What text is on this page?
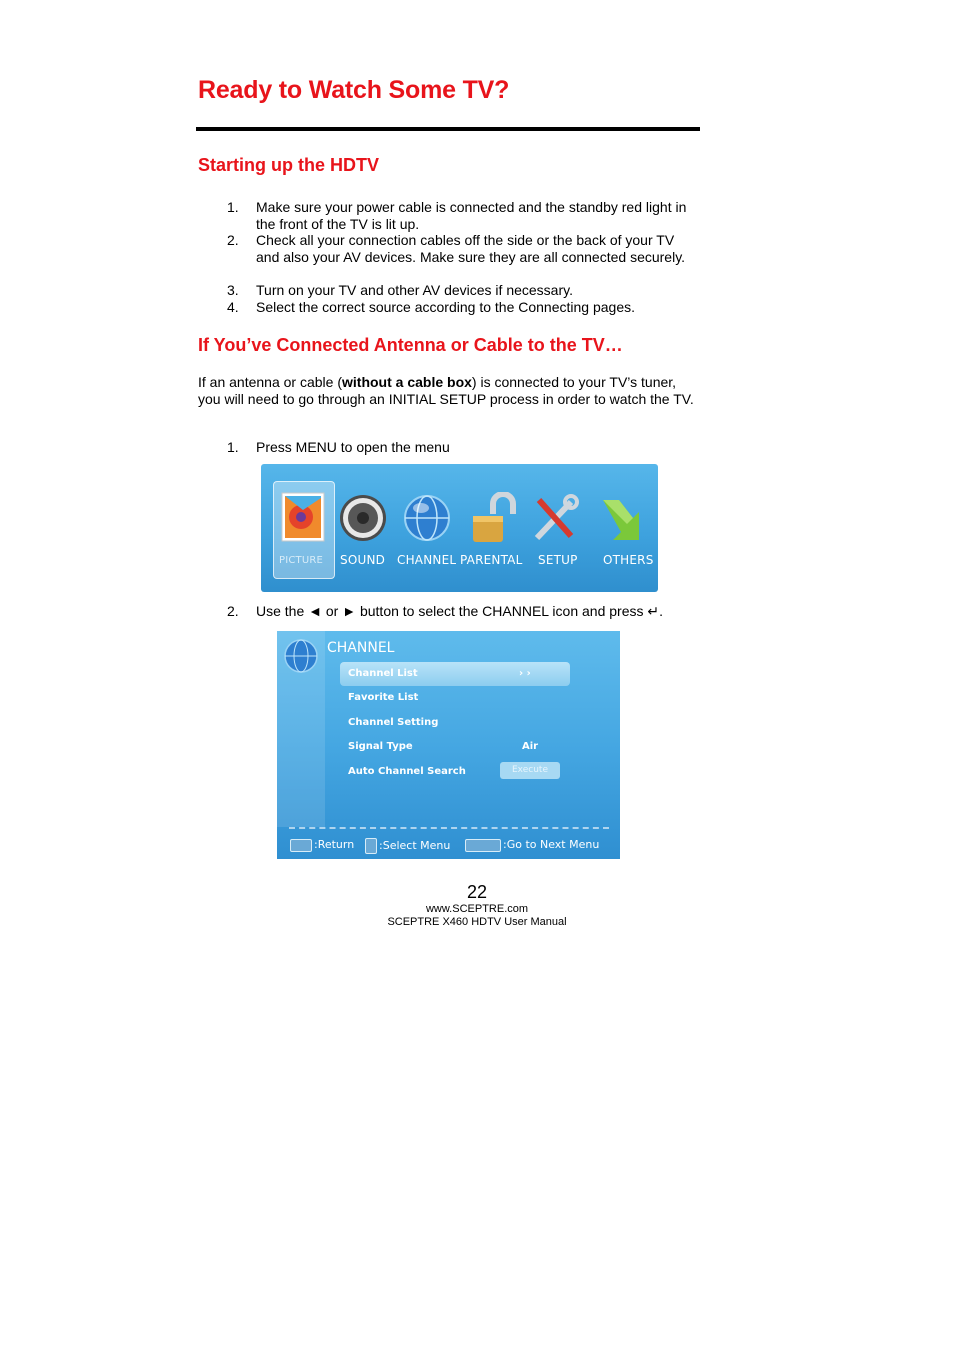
Ready to Watch Some TV?
Starting up the HDTV
1. Make sure your power cable is connected and the standby red light in the front of the TV is lit up.
2. Check all your connection cables off the side or the back of your TV and also your AV devices. Make sure they are all connected securely.
3. Turn on your TV and other AV devices if necessary.
4. Select the correct source according to the Connecting pages.
If You’ve Connected Antenna or Cable to the TV…
If an antenna or cable (without a cable box) is connected to your TV’s tuner, you will need to go through an INITIAL SETUP process in order to watch the TV.
1. Press MENU to open the menu
PICTURE SOUND CHANNEL PARENTAL SETUP OTHERS
2. Use the ◄ or ► button to select the CHANNEL icon and press ↵.
CHANNEL
Channel List	› ›
Favorite List
Channel Setting
Signal Type	Air
Auto Channel Search	Execute
:Return	:Select Menu	:Go to Next Menu
22
www.SCEPTRE.com
SCEPTRE X460 HDTV User Manual
